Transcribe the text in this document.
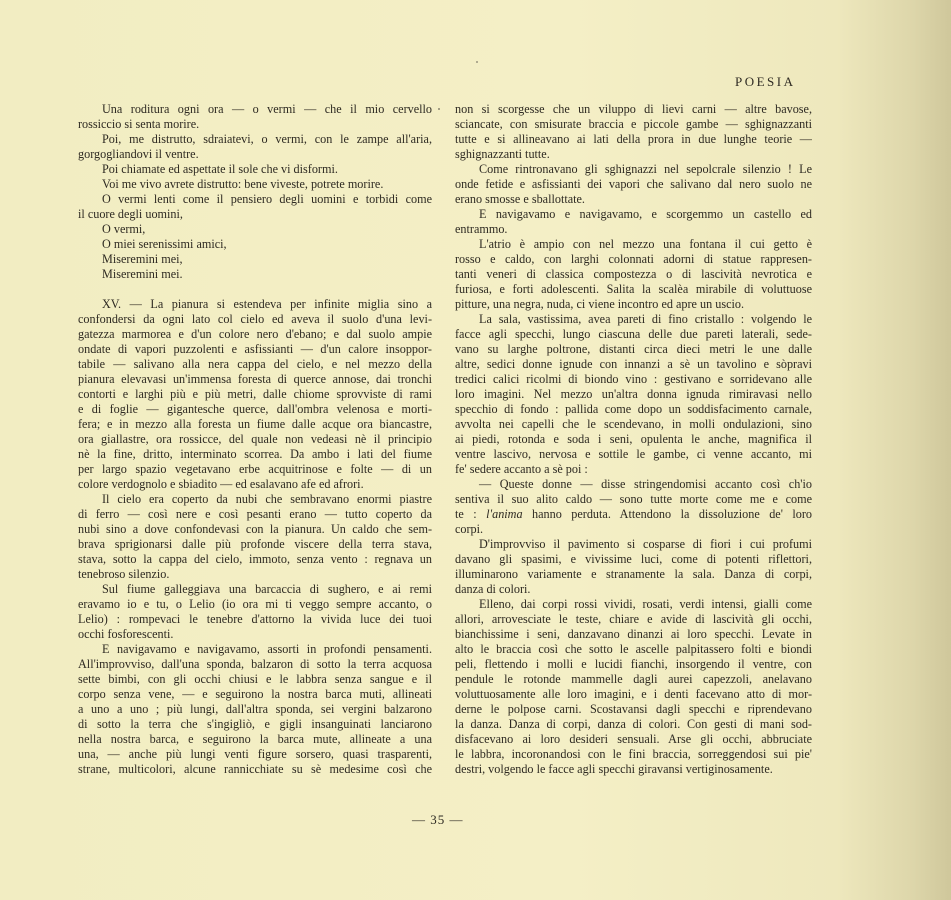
POESIA
Una roditura ogni ora — o vermi — che il mio cervello
rossiccio si senta morire.
Poi, me distrutto, sdraiatevi, o vermi, con le zampe all'aria,
gorgogliandovi il ventre.
Poi chiamate ed aspettate il sole che vi disformi.
Voi me vivo avrete distrutto: bene viveste, potrete morire.
O vermi lenti come il pensiero degli uomini e torbidi come
il cuore degli uomini,
O vermi,
O miei serenissimi amici,
Miseremini mei,
Miseremini mei.
XV. — La pianura si estendeva per infinite miglia sino a
confondersi da ogni lato col cielo ed aveva il suolo d'una levi-
gatezza marmorea e d'un colore nero d'ebano; e dal suolo ampie
ondate di vapori puzzolenti e asfissianti — d'un calore insoppor-
tabile — salivano alla nera cappa del cielo, e nel mezzo della
pianura elevavasi un'immensa foresta di querce annose, dai tronchi
contorti e larghi più e più metri, dalle chiome sprovviste di rami
e di foglie — gigantesche querce, dall'ombra velenosa e morti-
fera; e in mezzo alla foresta un fiume dalle acque ora biancastre,
ora giallastre, ora rossicce, del quale non vedeasi nè il principio
nè la fine, dritto, interminato scorrea. Da ambo i lati del fiume
per largo spazio vegetavano erbe acquitrinose e folte — di un
colore verdognolo e sbiadito — ed esalavano afe ed afrori.
Il cielo era coperto da nubi che sembravano enormi piastre
di ferro — così nere e così pesanti erano — tutto coperto da
nubi sino a dove confondevasi con la pianura. Un caldo che sem-
brava sprigionarsi dalle più profonde viscere della terra stava,
stava, sotto la cappa del cielo, immoto, senza vento : regnava un
tenebroso silenzio.
Sul fiume galleggiava una barcaccia di sughero, e ai remi
eravamo io e tu, o Lelio (io ora mi ti veggo sempre accanto, o
Lelio) : rompevaci le tenebre d'attorno la vivida luce dei tuoi
occhi fosforescenti.
E navigavamo e navigavamo, assorti in profondi pensamenti.
All'improvviso, dall'una sponda, balzaron di sotto la terra acquosa
sette bimbi, con gli occhi chiusi e le labbra senza sangue e il
corpo senza vene, — e seguirono la nostra barca muti, allineati
a uno a uno ; più lungi, dall'altra sponda, sei vergini balzarono
di sotto la terra che s'ingigliò, e gigli insanguinati lanciarono
nella nostra barca, e seguirono la barca mute, allineate a una
una, — anche più lungi venti figure sorsero, quasi trasparenti,
strane, multicolori, alcune rannicchiate su sè medesime così che
non si scorgesse che un viluppo di lievi carni — altre bavose,
sciancate, con smisurate braccia e piccole gambe — sghignazzanti
tutte e si allineavano ai lati della prora in due lunghe teorie —
sghignazzanti tutte.
Come rintronavano gli sghignazzi nel sepolcrale silenzio ! Le
onde fetide e asfissianti dei vapori che salivano dal nero suolo ne
erano smosse e sballottate.
E navigavamo e navigavamo, e scorgemmo un castello ed
entrammo.
L'atrio è ampio con nel mezzo una fontana il cui getto è
rosso e caldo, con larghi colonnati adorni di statue rappresen-
tanti veneri di classica compostezza o di lascività nevrotica e
furiosa, e forti adolescenti. Salita la scalèa mirabile di voluttuose
pitture, una negra, nuda, ci viene incontro ed apre un uscio.
La sala, vastissima, avea pareti di fino cristallo : volgendo le
facce agli specchi, lungo ciascuna delle due pareti laterali, sede-
vano su larghe poltrone, distanti circa dieci metri le une dalle
altre, sedici donne ignude con innanzi a sè un tavolino e sòpravi
tredici calici ricolmi di biondo vino : gestivano e sorridevano alle
loro imagini. Nel mezzo un'altra donna ignuda rimiravasi nello
specchio di fondo : pallida come dopo un soddisfacimento carnale,
avvolta nei capelli che le scendevano, in molli ondulazioni, sino
ai piedi, rotonda e soda i seni, opulenta le anche, magnifica il
ventre lascivo, nervosa e sottile le gambe, ci venne accanto, mi
fe' sedere accanto a sè poi :
— Queste donne — disse stringendomisi accanto così ch'io
sentiva il suo alito caldo — sono tutte morte come me e come
te : l'anima hanno perduta. Attendono la dissoluzione de' loro
corpi.
D'improvviso il pavimento si cosparse di fiori i cui profumi
davano gli spasimi, e vivissime luci, come di potenti riflettori,
illuminarono variamente e stranamente la sala. Danza di corpi,
danza di colori.
Elleno, dai corpi rossi vividi, rosati, verdi intensi, gialli come
allori, arrovesciate le teste, chiare e avide di lascività gli occhi,
bianchissime i seni, danzavano dinanzi ai loro specchi. Levate in
alto le braccia così che sotto le ascelle palpitassero folti e biondi
peli, flettendo i molli e lucidi fianchi, insorgendo il ventre, con
pendule le rotonde mammelle dagli aurei capezzoli, anelavano
voluttuosamente alle loro imagini, e i denti facevano atto di mor-
derne le polpose carni. Scostavansi dagli specchi e riprendevano
la danza. Danza di corpi, danza di colori. Con gesti di mani sod-
disfacevano ai loro desideri sensuali. Arse gli occhi, abbruciate
le labbra, incoronandosi con le fini braccia, sorreggendosi sui pie'
destri, volgendo le facce agli specchi giravansi vertiginosamente.
— 35 —
